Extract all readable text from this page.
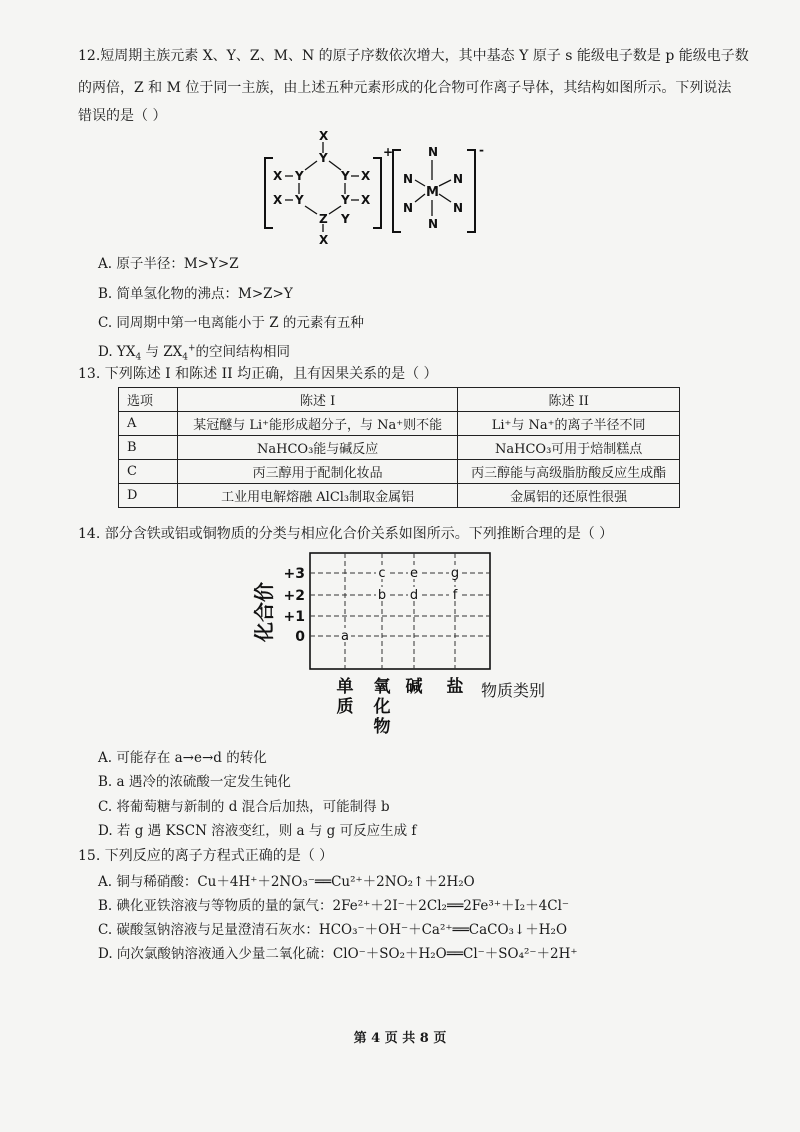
12.短周期主族元素 X、Y、Z、M、N 的原子序数依次增大，其中基态 Y 原子 s 能级电子数是 p 能级电子数
的两倍，Z 和 M 位于同一主族，由上述五种元素形成的化合物可作离子导体，其结构如图所示。下列说法
错误的是（ ）
X
Y
X Y	X
Y
X Y	X
Y
Z Y
X
+	N
N	N
M
N	N
N
-
A. 原子半径：M>Y>Z
B. 简单氢化物的沸点：M>Z>Y
C. 同周期中第一电离能小于 Z 的元素有五种
D. $YX_4$ 与 $ZX_4^+$的空间结构相同
13. 下列陈述 I 和陈述 II 均正确，且有因果关系的是（ ）
选项	陈述 I	陈述 II
A	某冠醚与 Li⁺能形成超分子，与 Na⁺则不能	Li⁺与 Na⁺的离子半径不同
B	NaHCO₃能与碱反应	NaHCO₃可用于焙制糕点
C	丙三醇用于配制化妆品	丙三醇能与高级脂肪酸反应生成酯
D	工业用电解熔融 AlCl₃制取金属铝	金属铝的还原性很强
14. 部分含铁或铝或铜物质的分类与相应化合价关系如图所示。下列推断合理的是（ ）
+3
+2
+1
0
单
质
氧
化
物
碱 盐
a
b
c
d
e
f
g
化合价
物质类别
A. 可能存在 a→e→d 的转化
B. a 遇冷的浓硫酸一定发生钝化
C. 将葡萄糖与新制的 d 混合后加热，可能制得 b
D. 若 g 遇 KSCN 溶液变红，则 a 与 g 可反应生成 f
15. 下列反应的离子方程式正确的是（ ）
A. 铜与稀硝酸：Cu＋4H⁺＋2NO₃⁻══Cu²⁺＋2NO₂↑＋2H₂O
B. 碘化亚铁溶液与等物质的量的氯气：2Fe²⁺＋2I⁻＋2Cl₂══2Fe³⁺＋I₂＋4Cl⁻
C. 碳酸氢钠溶液与足量澄清石灰水：HCO₃⁻＋OH⁻＋Ca²⁺══CaCO₃↓＋H₂O
D. 向次氯酸钠溶液通入少量二氧化硫：ClO⁻＋SO₂＋H₂O══Cl⁻＋SO₄²⁻＋2H⁺
第 4 页 共 8 页
